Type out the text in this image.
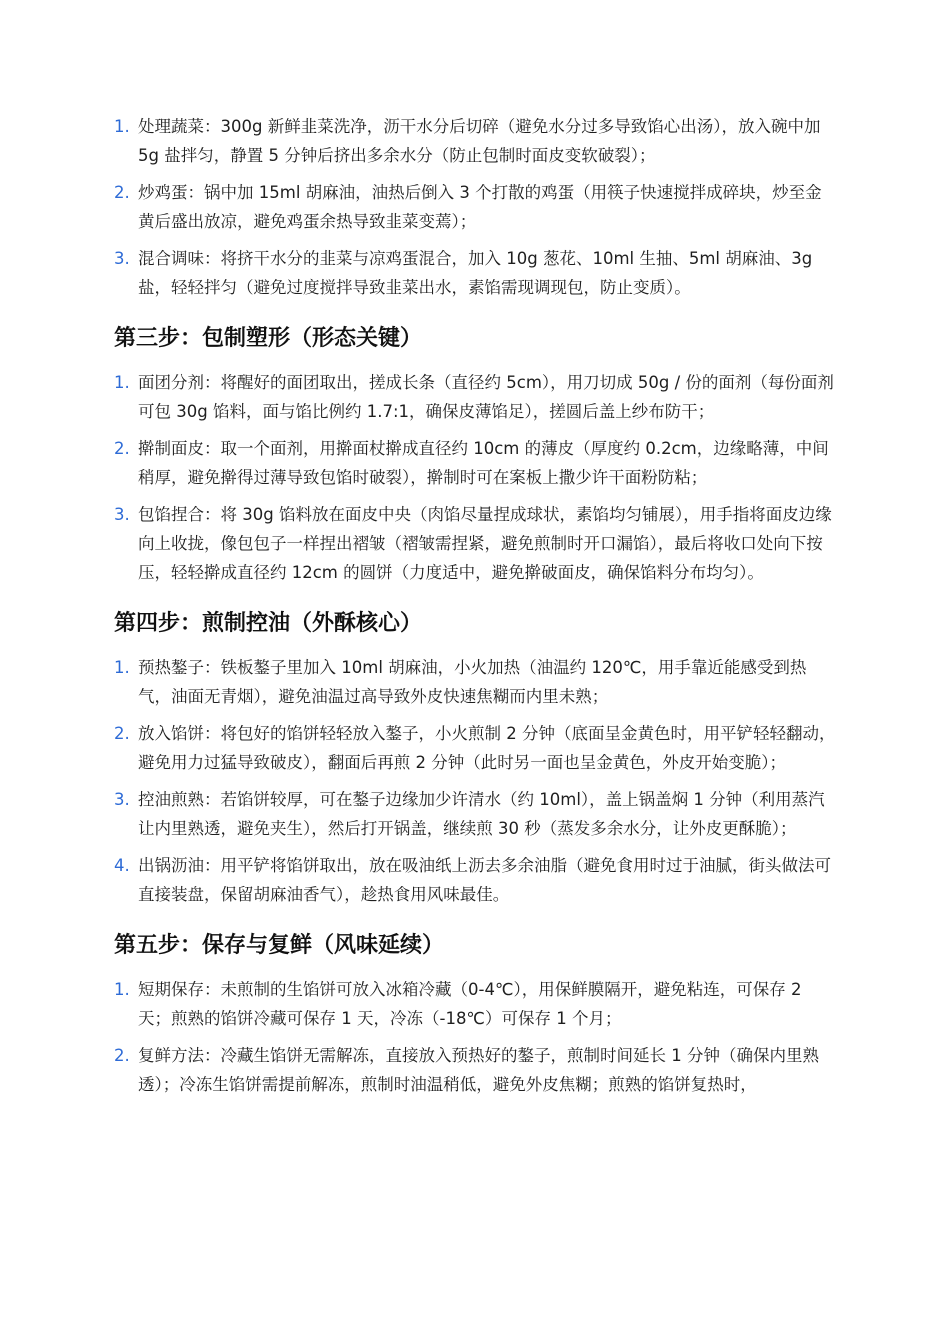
1. 处理蔬菜：300g 新鲜韭菜洗净，沥干水分后切碎（避免水分过多导致馅心出汤），放入碗中加 5g 盐拌匀，静置 5 分钟后挤出多余水分（防止包制时面皮变软破裂）；
2. 炒鸡蛋：锅中加 15ml 胡麻油，油热后倒入 3 个打散的鸡蛋（用筷子快速搅拌成碎块，炒至金黄后盛出放凉，避免鸡蛋余热导致韭菜变蔫）；
3. 混合调味：将挤干水分的韭菜与凉鸡蛋混合，加入 10g 葱花、10ml 生抽、5ml 胡麻油、3g 盐，轻轻拌匀（避免过度搅拌导致韭菜出水，素馅需现调现包，防止变质）。
第三步：包制塑形（形态关键）
1. 面团分剂：将醒好的面团取出，搓成长条（直径约 5cm），用刀切成 50g / 份的面剂（每份面剂可包 30g 馅料，面与馅比例约 1.7:1，确保皮薄馅足），搓圆后盖上纱布防干；
2. 擀制面皮：取一个面剂，用擀面杖擀成直径约 10cm 的薄皮（厚度约 0.2cm，边缘略薄，中间稍厚，避免擀得过薄导致包馅时破裂），擀制时可在案板上撒少许干面粉防粘；
3. 包馅捏合：将 30g 馅料放在面皮中央（肉馅尽量捏成球状，素馅均匀铺展），用手指将面皮边缘向上收拢，像包包子一样捏出褶皱（褶皱需捏紧，避免煎制时开口漏馅），最后将收口处向下按压，轻轻擀成直径约 12cm 的圆饼（力度适中，避免擀破面皮，确保馅料分布均匀）。
第四步：煎制控油（外酥核心）
1. 预热鏊子：铁板鏊子里加入 10ml 胡麻油，小火加热（油温约 120℃，用手靠近能感受到热气，油面无青烟），避免油温过高导致外皮快速焦糊而内里未熟；
2. 放入馅饼：将包好的馅饼轻轻放入鏊子，小火煎制 2 分钟（底面呈金黄色时，用平铲轻轻翻动，避免用力过猛导致破皮），翻面后再煎 2 分钟（此时另一面也呈金黄色，外皮开始变脆）；
3. 控油煎熟：若馅饼较厚，可在鏊子边缘加少许清水（约 10ml），盖上锅盖焖 1 分钟（利用蒸汽让内里熟透，避免夹生），然后打开锅盖，继续煎 30 秒（蒸发多余水分，让外皮更酥脆）；
4. 出锅沥油：用平铲将馅饼取出，放在吸油纸上沥去多余油脂（避免食用时过于油腻，街头做法可直接装盘，保留胡麻油香气），趁热食用风味最佳。
第五步：保存与复鲜（风味延续）
1. 短期保存：未煎制的生馅饼可放入冰箱冷藏（0-4℃），用保鲜膜隔开，避免粘连，可保存 2 天；煎熟的馅饼冷藏可保存 1 天，冷冻（-18℃）可保存 1 个月；
2. 复鲜方法：冷藏生馅饼无需解冻，直接放入预热好的鏊子，煎制时间延长 1 分钟（确保内里熟透）；冷冻生馅饼需提前解冻，煎制时油温稍低，避免外皮焦糊；煎熟的馅饼复热时，
